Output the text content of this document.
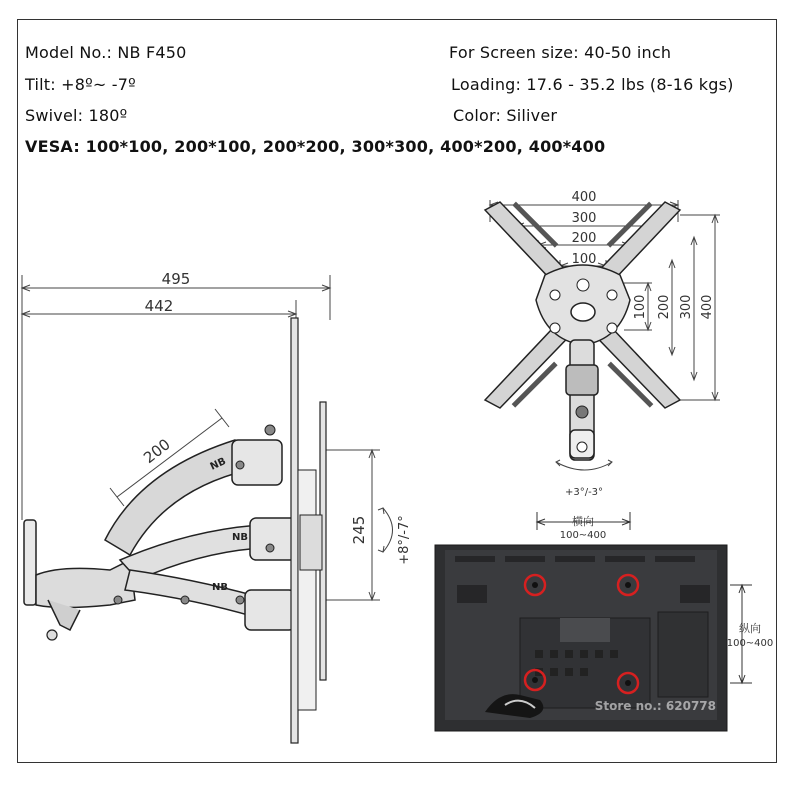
Model No.: NB F450
Tilt: +8º~ -7º
Swivel: 180º
VESA: 100*100, 200*100, 200*200, 300*300, 400*200, 400*400
For Screen size: 40-50 inch
Loading: 17.6 - 35.2 lbs (8-16 kgs)
Color: Siliver
NB
NB
NB
495
442
200
245 +8°/-7°
400
300
200
100
100 200 300 400
+3°/-3°
横向
100~400
纵向
100~400
Store no.: 620778
